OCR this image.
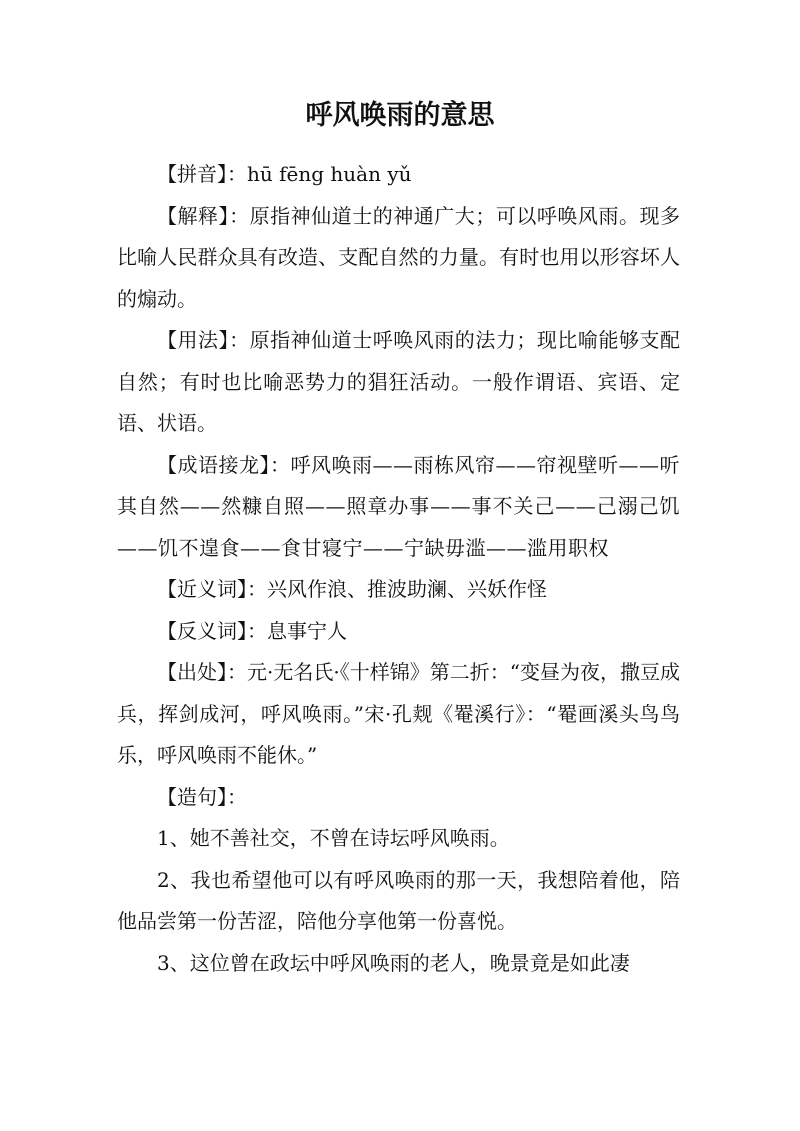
呼风唤雨的意思

【拼音】：hū fēng huàn yǔ

【解释】：原指神仙道士的神通广大；可以呼唤风雨。现多比喻人民群众具有改造、支配自然的力量。有时也用以形容坏人的煽动。

【用法】：原指神仙道士呼唤风雨的法力；现比喻能够支配自然；有时也比喻恶势力的猖狂活动。一般作谓语、宾语、定语、状语。

【成语接龙】：呼风唤雨——雨栋风帘——帘视壁听——听其自然——然糠自照——照章办事——事不关己——己溺己饥——饥不遑食——食甘寝宁——宁缺毋滥——滥用职权

【近义词】：兴风作浪、推波助澜、兴妖作怪

【反义词】：息事宁人

【出处】：元·无名氏·《十样锦》第二折：“变昼为夜，撒豆成兵，挥剑成河，呼风唤雨。”宋·孔觌《罨溪行》：“罨画溪头鸟鸟乐，呼风唤雨不能休。”

【造句】：

1、她不善社交，不曾在诗坛呼风唤雨。

2、我也希望他可以有呼风唤雨的那一天，我想陪着他，陪他品尝第一份苦涩，陪他分享他第一份喜悦。

3、这位曾在政坛中呼风唤雨的老人，晚景竟是如此凄
